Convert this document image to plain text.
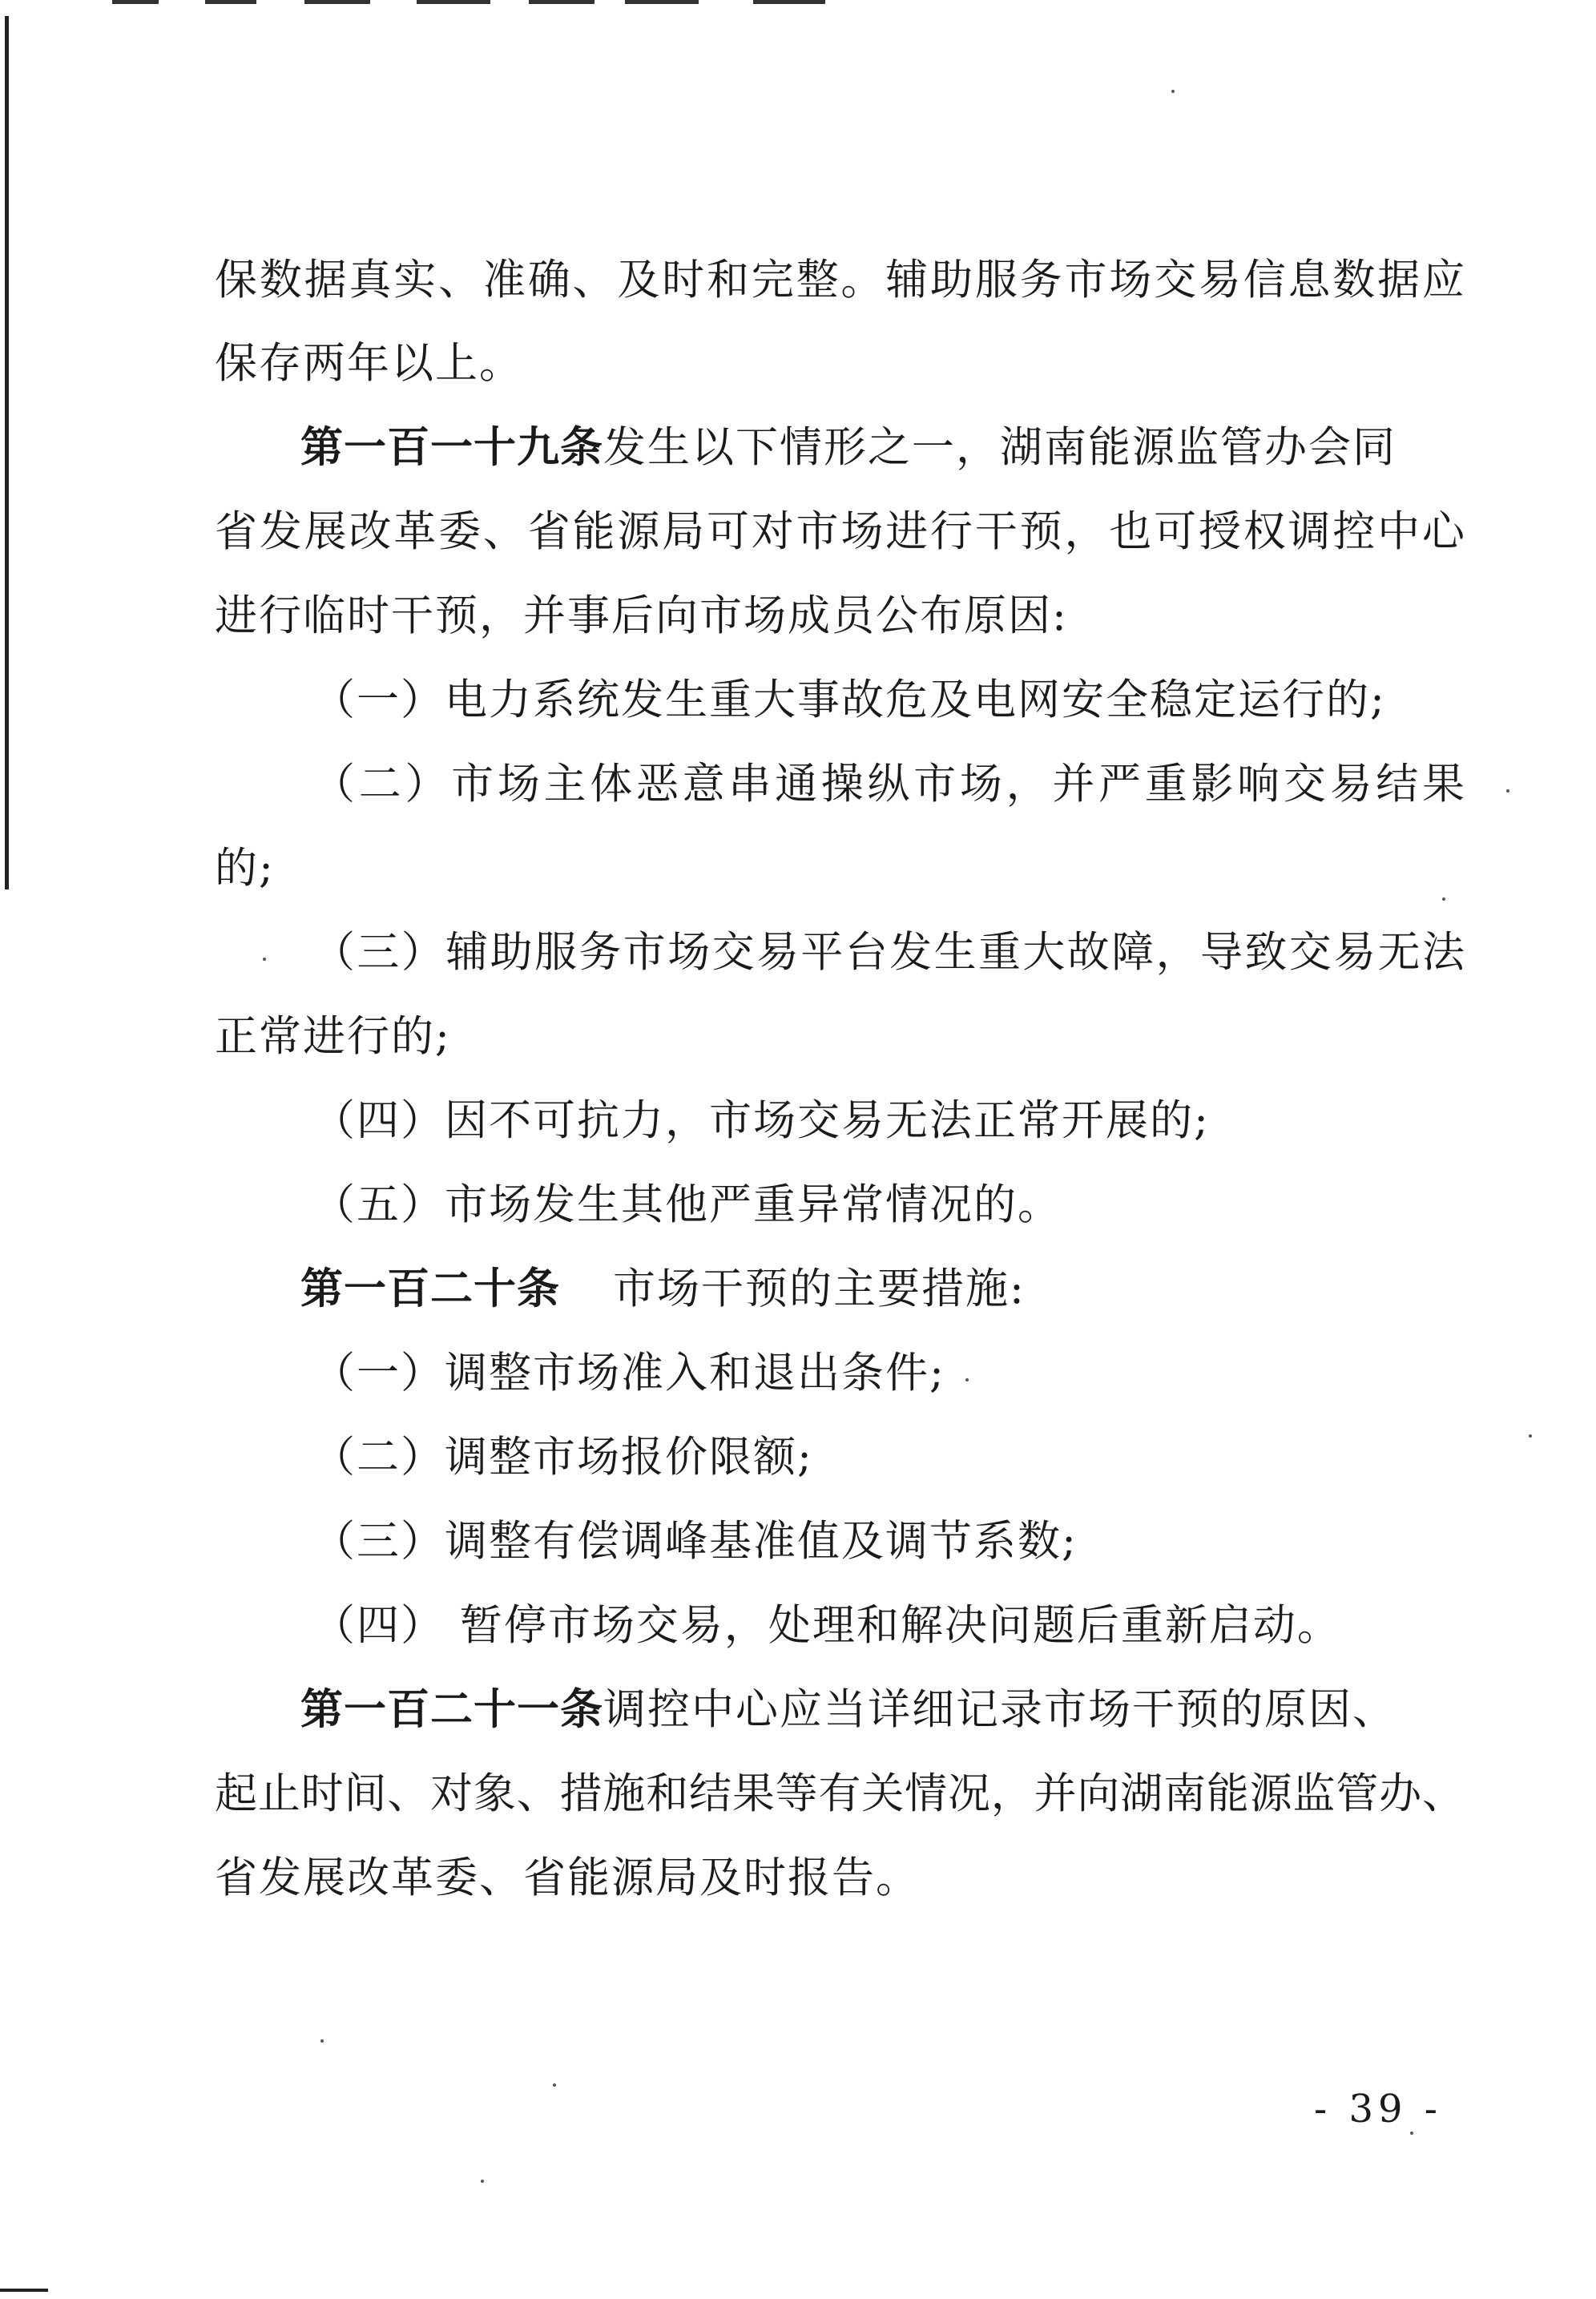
保数据真实、准确、及时和完整。辅助服务市场交易信息数据应
保存两年以上。
第一百一十九条发生以下情形之一，湖南能源监管办会同
省发展改革委、省能源局可对市场进行干预，也可授权调控中心
进行临时干预，并事后向市场成员公布原因:
（一）电力系统发生重大事故危及电网安全稳定运行的;
（二）市场主体恶意串通操纵市场，并严重影响交易结果
的;
（三）辅助服务市场交易平台发生重大故障，导致交易无法
正常进行的;
（四）因不可抗力，市场交易无法正常开展的;
（五）市场发生其他严重异常情况的。
第一百二十条 市场干预的主要措施:
（一）调整市场准入和退出条件;
（二）调整市场报价限额;
（三）调整有偿调峰基准值及调节系数;
（四） 暂停市场交易，处理和解决问题后重新启动。
第一百二十一条调控中心应当详细记录市场干预的原因、
起止时间、对象、措施和结果等有关情况，并向湖南能源监管办、
省发展改革委、省能源局及时报告。
- 39 -
